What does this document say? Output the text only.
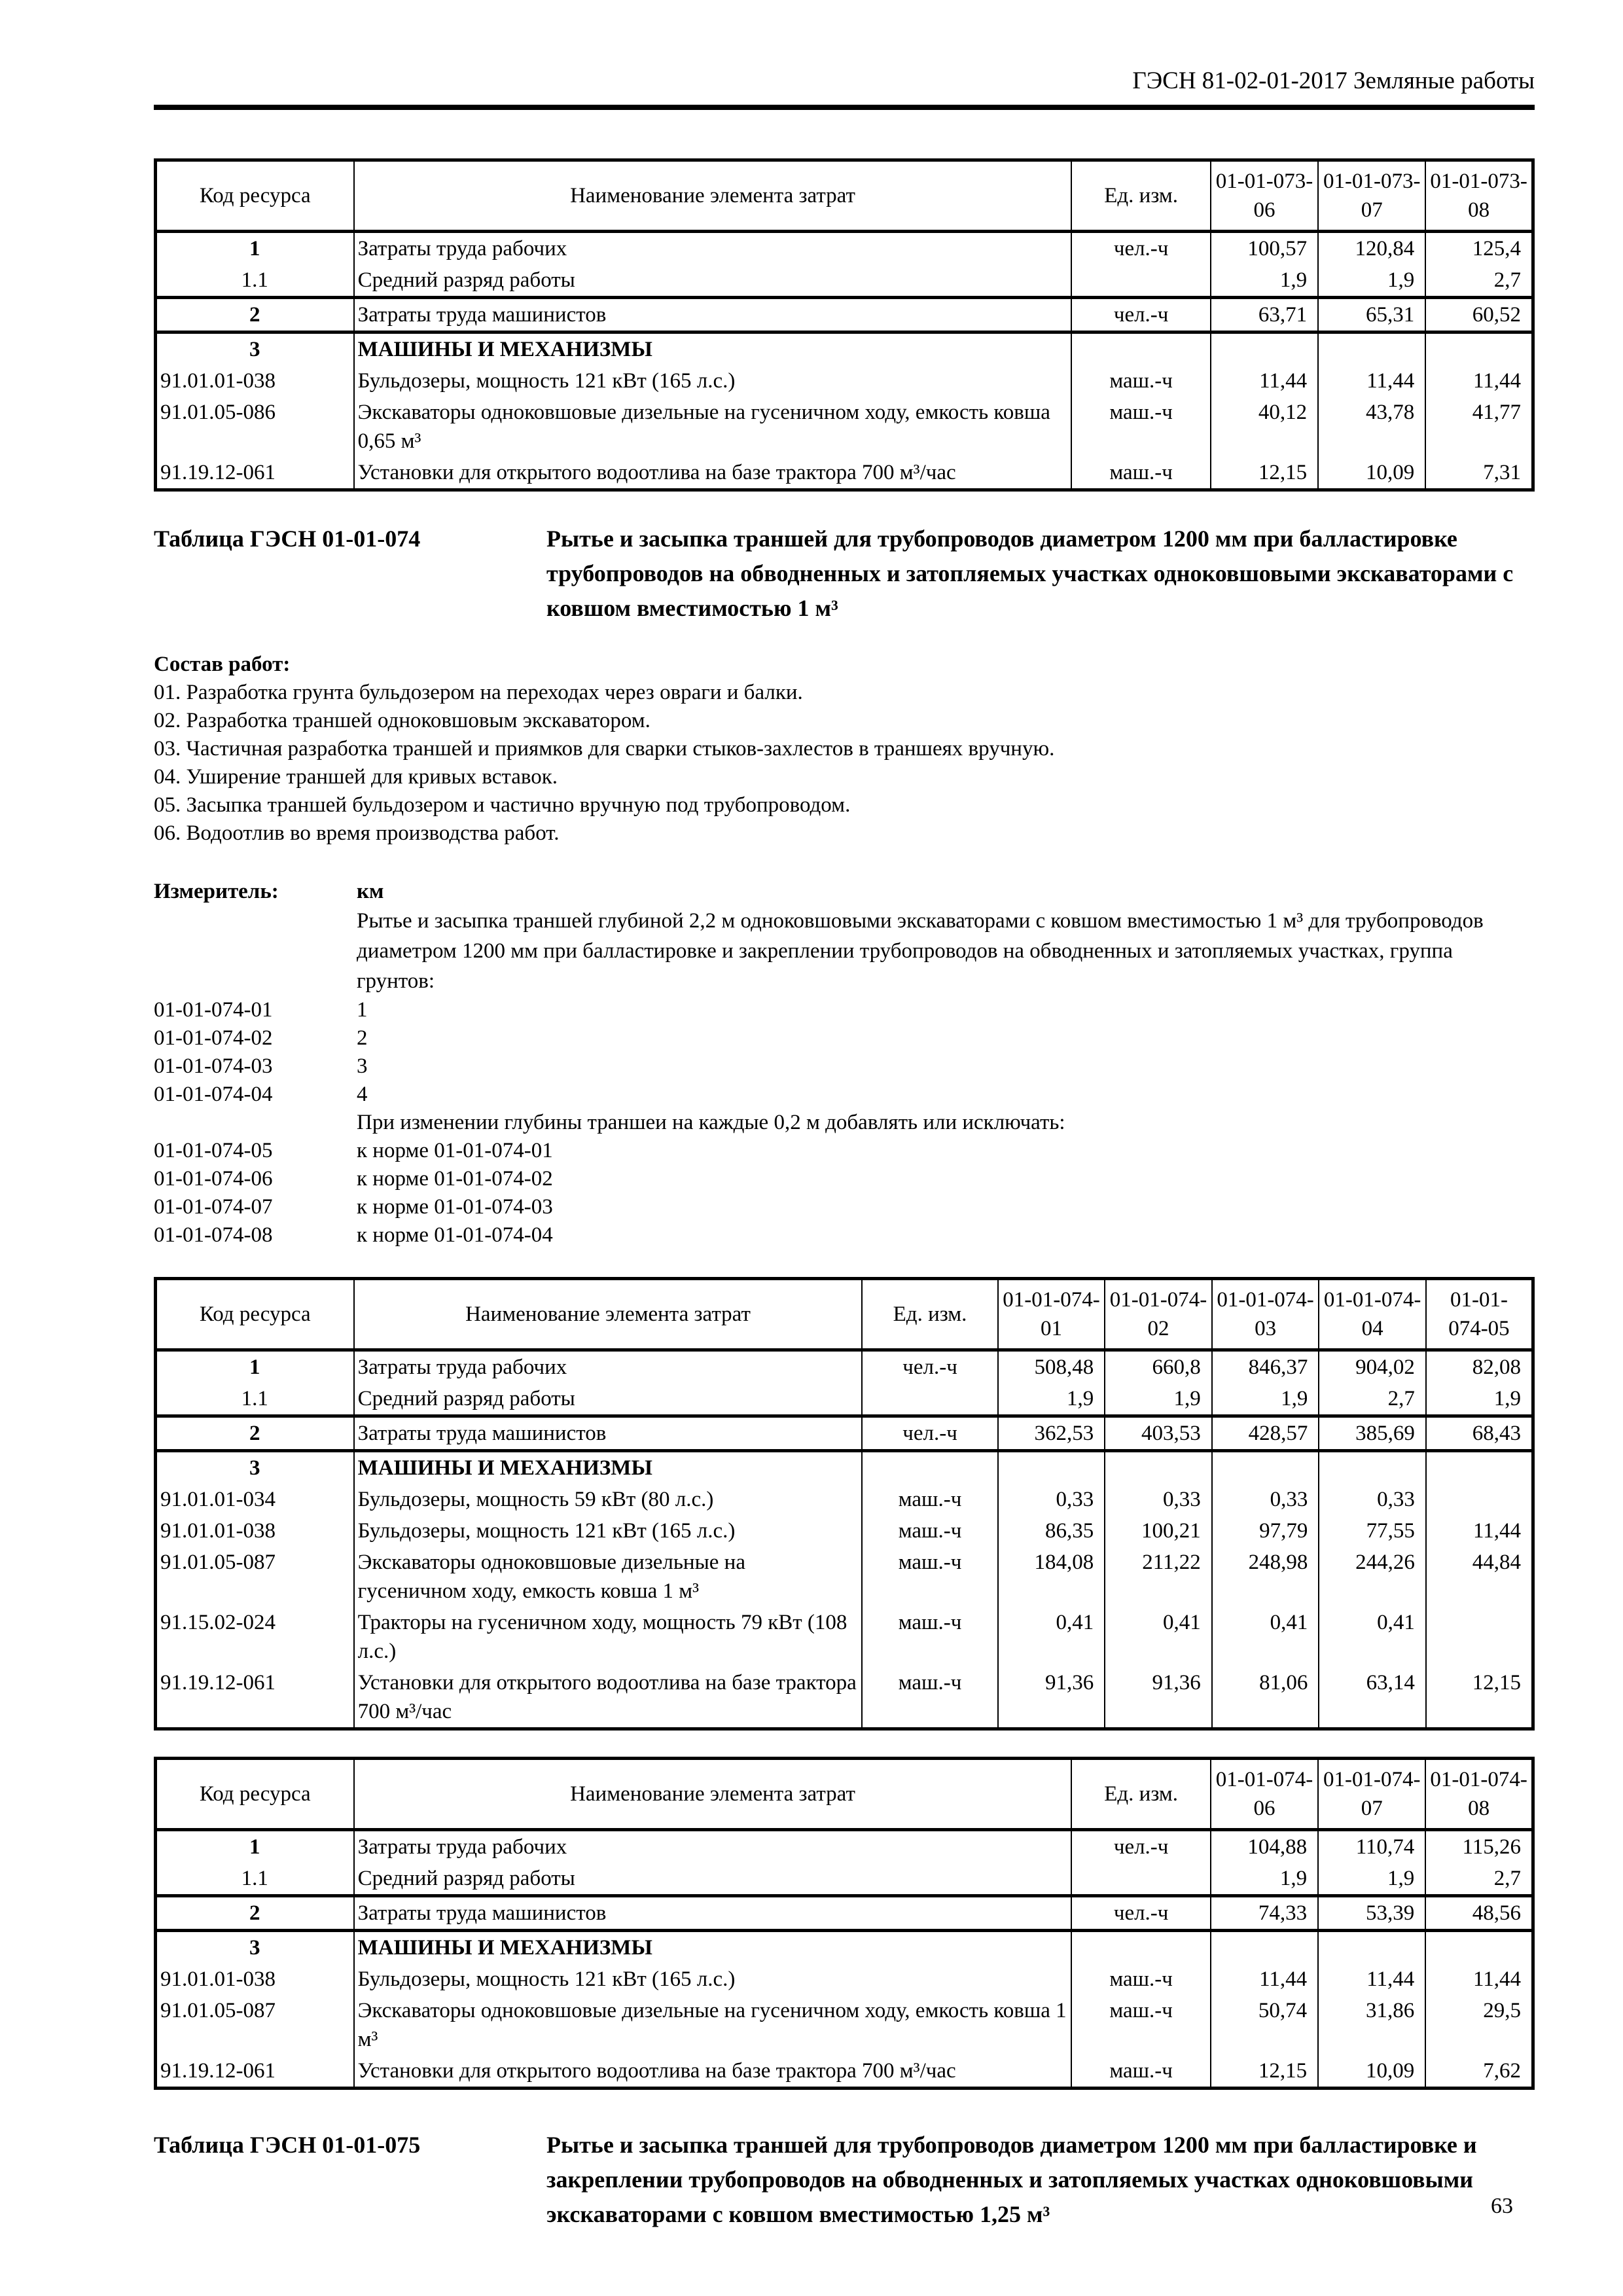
ГЭСН 81-02-01-2017 Земляные работы
Код ресурса	Наименование элемента затрат	Ед. изм.	01-01-073-06	01-01-073-07	01-01-073-08
1	Затраты труда рабочих	чел.-ч	100,57	120,84	125,4
1.1	Средний разряд работы		1,9	1,9	2,7
2	Затраты труда машинистов	чел.-ч	63,71	65,31	60,52
3	МАШИНЫ И МЕХАНИЗМЫ				
91.01.01-038	Бульдозеры, мощность 121 кВт (165 л.с.)	маш.-ч	11,44	11,44	11,44
91.01.05-086	Экскаваторы одноковшовые дизельные на гусеничном ходу, емкость ковша 0,65 м³	маш.-ч	40,12	43,78	41,77
91.19.12-061	Установки для открытого водоотлива на базе трактора 700 м³/час	маш.-ч	12,15	10,09	7,31
Таблица ГЭСН 01-01-074	Рытье и засыпка траншей для трубопроводов диаметром 1200 мм при балластировке трубопроводов на обводненных и затопляемых участках одноковшовыми экскаваторами с ковшом вместимостью 1 м³
Состав работ:
01. Разработка грунта бульдозером на переходах через овраги и балки.
02. Разработка траншей одноковшовым экскаватором.
03. Частичная разработка траншей и приямков для сварки стыков-захлестов в траншеях вручную.
04. Уширение траншей для кривых вставок.
05. Засыпка траншей бульдозером и частично вручную под трубопроводом.
06. Водоотлив во время производства работ.
Измеритель:	км
Рытье и засыпка траншей глубиной 2,2 м одноковшовыми экскаваторами с ковшом вместимостью 1 м³ для трубопроводов диаметром 1200 мм при балластировке и закреплении трубопроводов на обводненных и затопляемых участках, группа грунтов:
01-01-074-01	1
01-01-074-02	2
01-01-074-03	3
01-01-074-04	4
При изменении глубины траншеи на каждые 0,2 м добавлять или исключать:
01-01-074-05	к норме 01-01-074-01
01-01-074-06	к норме 01-01-074-02
01-01-074-07	к норме 01-01-074-03
01-01-074-08	к норме 01-01-074-04
Код ресурса	Наименование элемента затрат	Ед. изм.	01-01-074-01	01-01-074-02	01-01-074-03	01-01-074-04	01-01-074-05
1	Затраты труда рабочих	чел.-ч	508,48	660,8	846,37	904,02	82,08
1.1	Средний разряд работы		1,9	1,9	1,9	2,7	1,9
2	Затраты труда машинистов	чел.-ч	362,53	403,53	428,57	385,69	68,43
3	МАШИНЫ И МЕХАНИЗМЫ						
91.01.01-034	Бульдозеры, мощность 59 кВт (80 л.с.)	маш.-ч	0,33	0,33	0,33	0,33	
91.01.01-038	Бульдозеры, мощность 121 кВт (165 л.с.)	маш.-ч	86,35	100,21	97,79	77,55	11,44
91.01.05-087	Экскаваторы одноковшовые дизельные на гусеничном ходу, емкость ковша 1 м³	маш.-ч	184,08	211,22	248,98	244,26	44,84
91.15.02-024	Тракторы на гусеничном ходу, мощность 79 кВт (108 л.с.)	маш.-ч	0,41	0,41	0,41	0,41	
91.19.12-061	Установки для открытого водоотлива на базе трактора 700 м³/час	маш.-ч	91,36	91,36	81,06	63,14	12,15
Код ресурса	Наименование элемента затрат	Ед. изм.	01-01-074-06	01-01-074-07	01-01-074-08
1	Затраты труда рабочих	чел.-ч	104,88	110,74	115,26
1.1	Средний разряд работы		1,9	1,9	2,7
2	Затраты труда машинистов	чел.-ч	74,33	53,39	48,56
3	МАШИНЫ И МЕХАНИЗМЫ				
91.01.01-038	Бульдозеры, мощность 121 кВт (165 л.с.)	маш.-ч	11,44	11,44	11,44
91.01.05-087	Экскаваторы одноковшовые дизельные на гусеничном ходу, емкость ковша 1 м³	маш.-ч	50,74	31,86	29,5
91.19.12-061	Установки для открытого водоотлива на базе трактора 700 м³/час	маш.-ч	12,15	10,09	7,62
Таблица ГЭСН 01-01-075	Рытье и засыпка траншей для трубопроводов диаметром 1200 мм при балластировке и закреплении трубопроводов на обводненных и затопляемых участках одноковшовыми экскаваторами с ковшом вместимостью 1,25 м³	63
